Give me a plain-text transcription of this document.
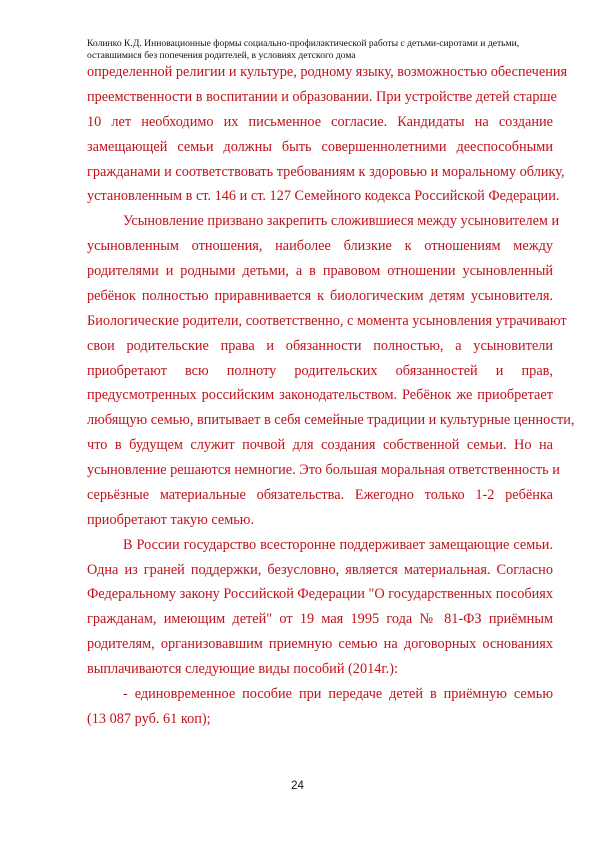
Колинко К.Д. Инновационные формы социально-профилактической работы с детьми-сиротами и детьми,
оставшимися без попечения родителей, в условиях детского дома
определенной религии и культуре, родному языку, возможностью обеспечения
преемственности в воспитании и образовании. При устройстве детей старше
10 лет необходимо их письменное согласие. Кандидаты на создание
замещающей семьи должны быть совершеннолетними дееспособными
гражданами и соответствовать требованиям к здоровью и моральному облику,
установленным в ст. 146 и ст. 127 Семейного кодекса Российской Федерации.
Усыновление призвано закрепить сложившиеся между усыновителем и
усыновленным отношения, наиболее близкие к отношениям между
родителями и родными детьми, а в правовом отношении усыновленный
ребёнок полностью приравнивается к биологическим детям усыновителя.
Биологические родители, соответственно, с момента усыновления утрачивают
свои родительские права и обязанности полностью, а усыновители
приобретают всю полноту родительских обязанностей и прав,
предусмотренных российским законодательством. Ребёнок же приобретает
любящую семью, впитывает в себя семейные традиции и культурные ценности,
что в будущем служит почвой для создания собственной семьи. Но на
усыновление решаются немногие. Это большая моральная ответственность и
серьёзные материальные обязательства. Ежегодно только 1-2 ребёнка
приобретают такую семью.
В России государство всесторонне поддерживает замещающие семьи.
Одна из граней поддержки, безусловно, является материальная. Согласно
Федеральному закону Российской Федерации "О государственных пособиях
гражданам, имеющим детей" от 19 мая 1995 года № 81-ФЗ приёмным
родителям, организовавшим приемную семью на договорных основаниях
выплачиваются следующие виды пособий (2014г.):
- единовременное пособие при передаче детей в приёмную семью
(13 087 руб. 61 коп);
24
